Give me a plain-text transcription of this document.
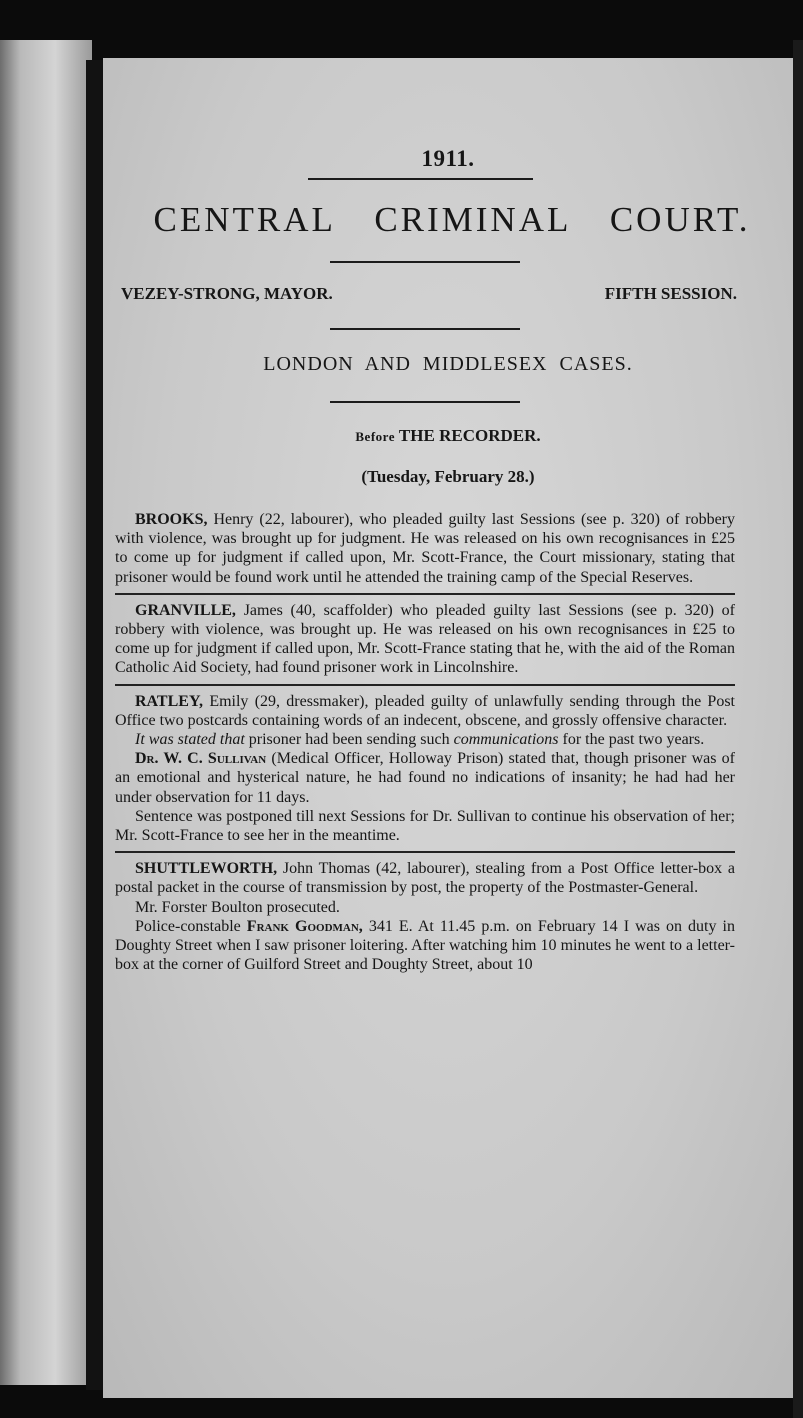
1911.
CENTRAL CRIMINAL COURT.
VEZEY-STRONG, MAYOR.	FIFTH SESSION.
LONDON AND MIDDLESEX CASES.
Before THE RECORDER.
(Tuesday, February 28.)

BROOKS, Henry (22, labourer), who pleaded guilty last Sessions (see p. 320) of robbery with violence, was brought up for judgment. He was released on his own recognisances in £25 to come up for judgment if called upon, Mr. Scott-France, the Court missionary, stating that prisoner would be found work until he attended the training camp of the Special Reserves.

GRANVILLE, James (40, scaffolder) who pleaded guilty last Sessions (see p. 320) of robbery with violence, was brought up. He was released on his own recognisances in £25 to come up for judgment if called upon, Mr. Scott-France stating that he, with the aid of the Roman Catholic Aid Society, had found prisoner work in Lincolnshire.

RATLEY, Emily (29, dressmaker), pleaded guilty of unlawfully sending through the Post Office two postcards containing words of an indecent, obscene, and grossly offensive character.

It was stated that prisoner had been sending such communications for the past two years.

Dr. W. C. Sullivan (Medical Officer, Holloway Prison) stated that, though prisoner was of an emotional and hysterical nature, he had found no indications of insanity; he had had her under observation for 11 days.

Sentence was postponed till next Sessions for Dr. Sullivan to continue his observation of her; Mr. Scott-France to see her in the meantime.

SHUTTLEWORTH, John Thomas (42, labourer), stealing from a Post Office letter-box a postal packet in the course of transmission by post, the property of the Postmaster-General.

Mr. Forster Boulton prosecuted.

Police-constable Frank Goodman, 341 E. At 11.45 p.m. on February 14 I was on duty in Doughty Street when I saw prisoner loitering. After watching him 10 minutes he went to a letter-box at the corner of Guilford Street and Doughty Street, about 10
